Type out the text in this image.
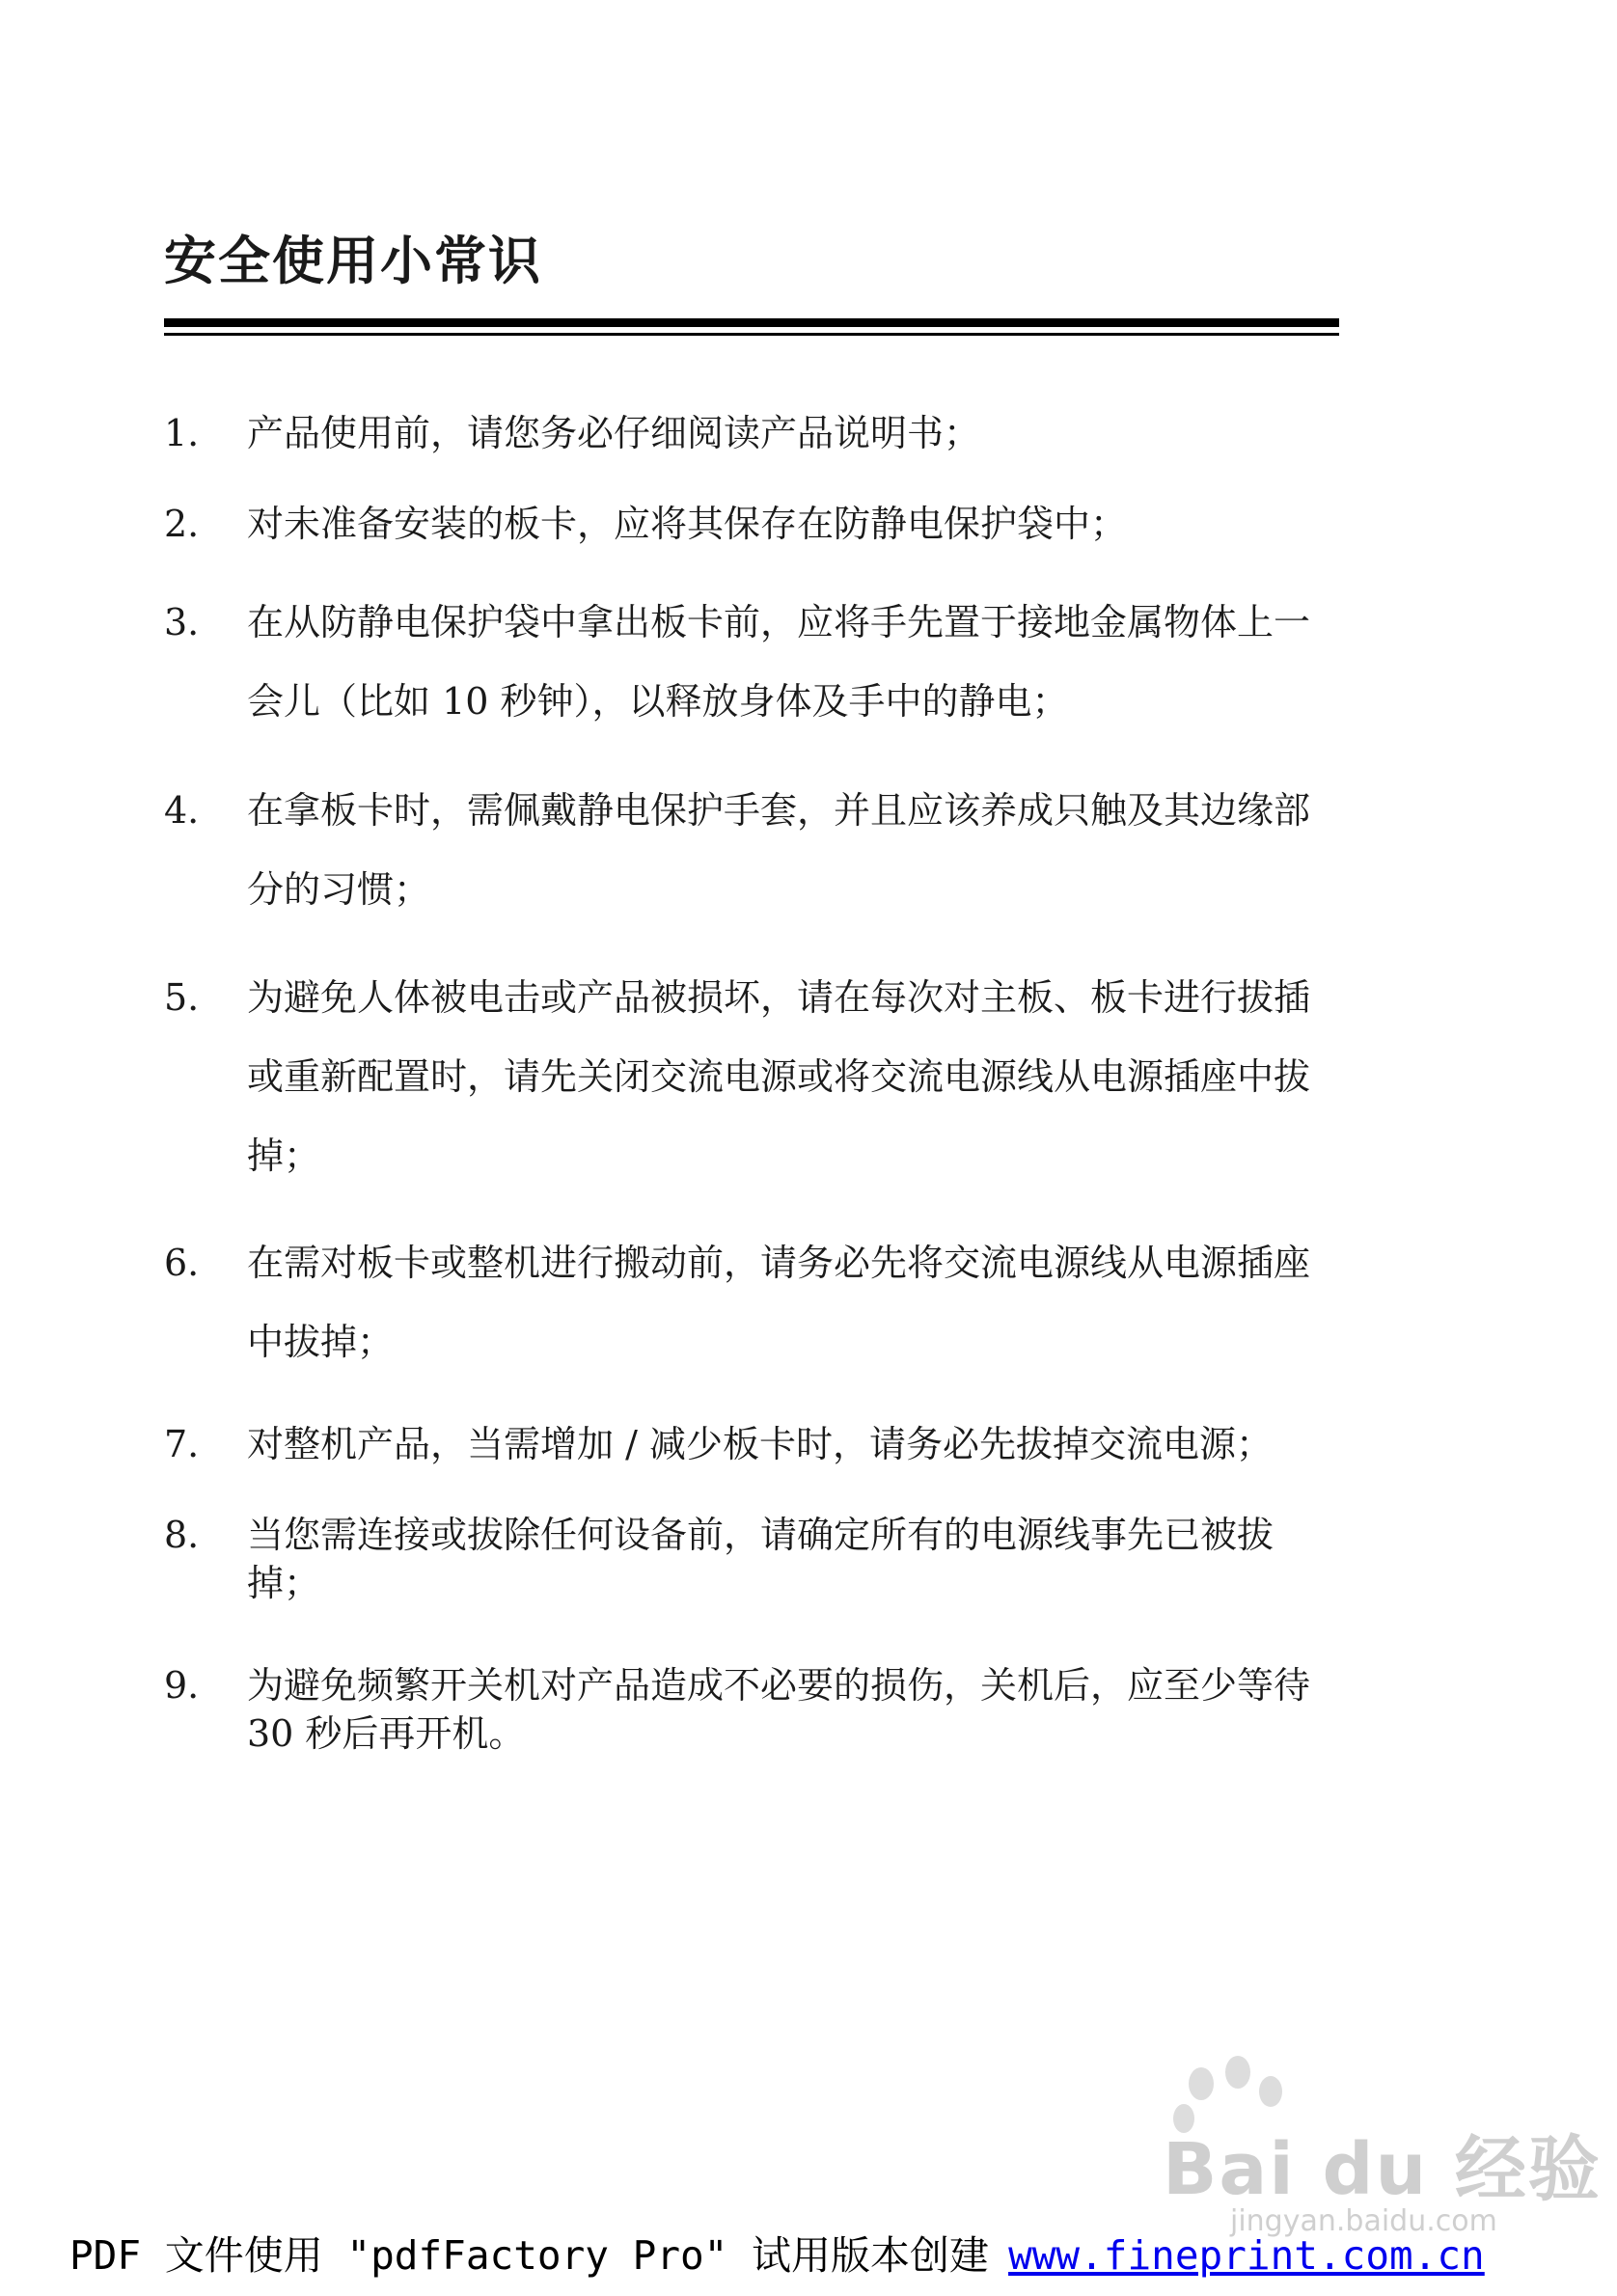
安全使用小常识
1.	产品使用前，请您务必仔细阅读产品说明书；
2.	对未准备安装的板卡，应将其保存在防静电保护袋中；
3.	在从防静电保护袋中拿出板卡前，应将手先置于接地金属物体上一
会儿（比如 10 秒钟），以释放身体及手中的静电；
4.	在拿板卡时，需佩戴静电保护手套，并且应该养成只触及其边缘部
分的习惯；
5.	为避免人体被电击或产品被损坏，请在每次对主板、板卡进行拔插
或重新配置时，请先关闭交流电源或将交流电源线从电源插座中拔
掉；
6.	在需对板卡或整机进行搬动前，请务必先将交流电源线从电源插座
中拔掉；
7.	对整机产品，当需增加 / 减少板卡时，请务必先拔掉交流电源；
8.	当您需连接或拔除任何设备前，请确定所有的电源线事先已被拔
掉；
9.	为避免频繁开关机对产品造成不必要的损伤，关机后，应至少等待
30 秒后再开机。
Bai du 经验
jingyan.baidu.com
PDF 文件使用 "pdfFactory Pro" 试用版本创建 www.fineprint.com.cn
